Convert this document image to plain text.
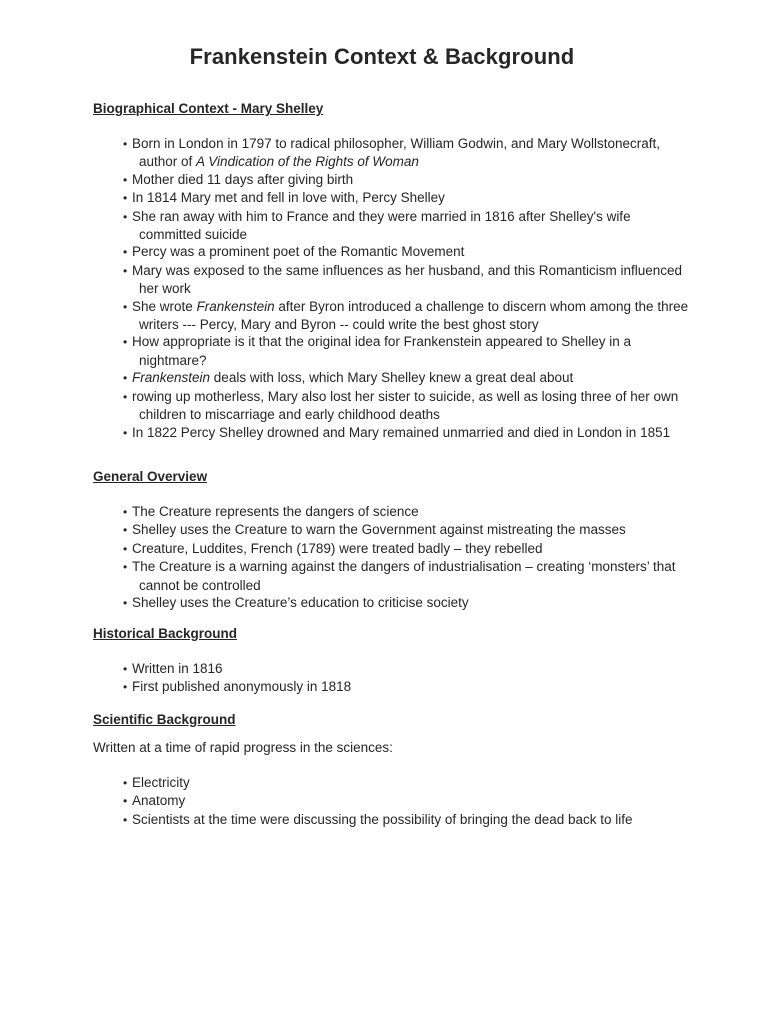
Frankenstein Context & Background
Biographical Context - Mary Shelley
• Born in London in 1797 to radical philosopher, William Godwin, and Mary Wollstonecraft, author of A Vindication of the Rights of Woman
• Mother died 11 days after giving birth
• In 1814 Mary met and fell in love with, Percy Shelley
• She ran away with him to France and they were married in 1816 after Shelley's wife committed suicide
• Percy was a prominent poet of the Romantic Movement
• Mary was exposed to the same influences as her husband, and this Romanticism influenced her work
• She wrote Frankenstein after Byron introduced a challenge to discern whom among the three writers --- Percy, Mary and Byron -- could write the best ghost story
• How appropriate is it that the original idea for Frankenstein appeared to Shelley in a nightmare?
• Frankenstein deals with loss, which Mary Shelley knew a great deal about
• rowing up motherless, Mary also lost her sister to suicide, as well as losing three of her own children to miscarriage and early childhood deaths
• In 1822 Percy Shelley drowned and Mary remained unmarried and died in London in 1851
General Overview
• The Creature represents the dangers of science
• Shelley uses the Creature to warn the Government against mistreating the masses
• Creature, Luddites, French (1789) were treated badly – they rebelled
• The Creature is a warning against the dangers of industrialisation – creating ‘monsters’ that cannot be controlled
• Shelley uses the Creature’s education to criticise society
Historical Background
• Written in 1816
• First published anonymously in 1818
Scientific Background

Written at a time of rapid progress in the sciences:

• Electricity
• Anatomy
• Scientists at the time were discussing the possibility of bringing the dead back to life
